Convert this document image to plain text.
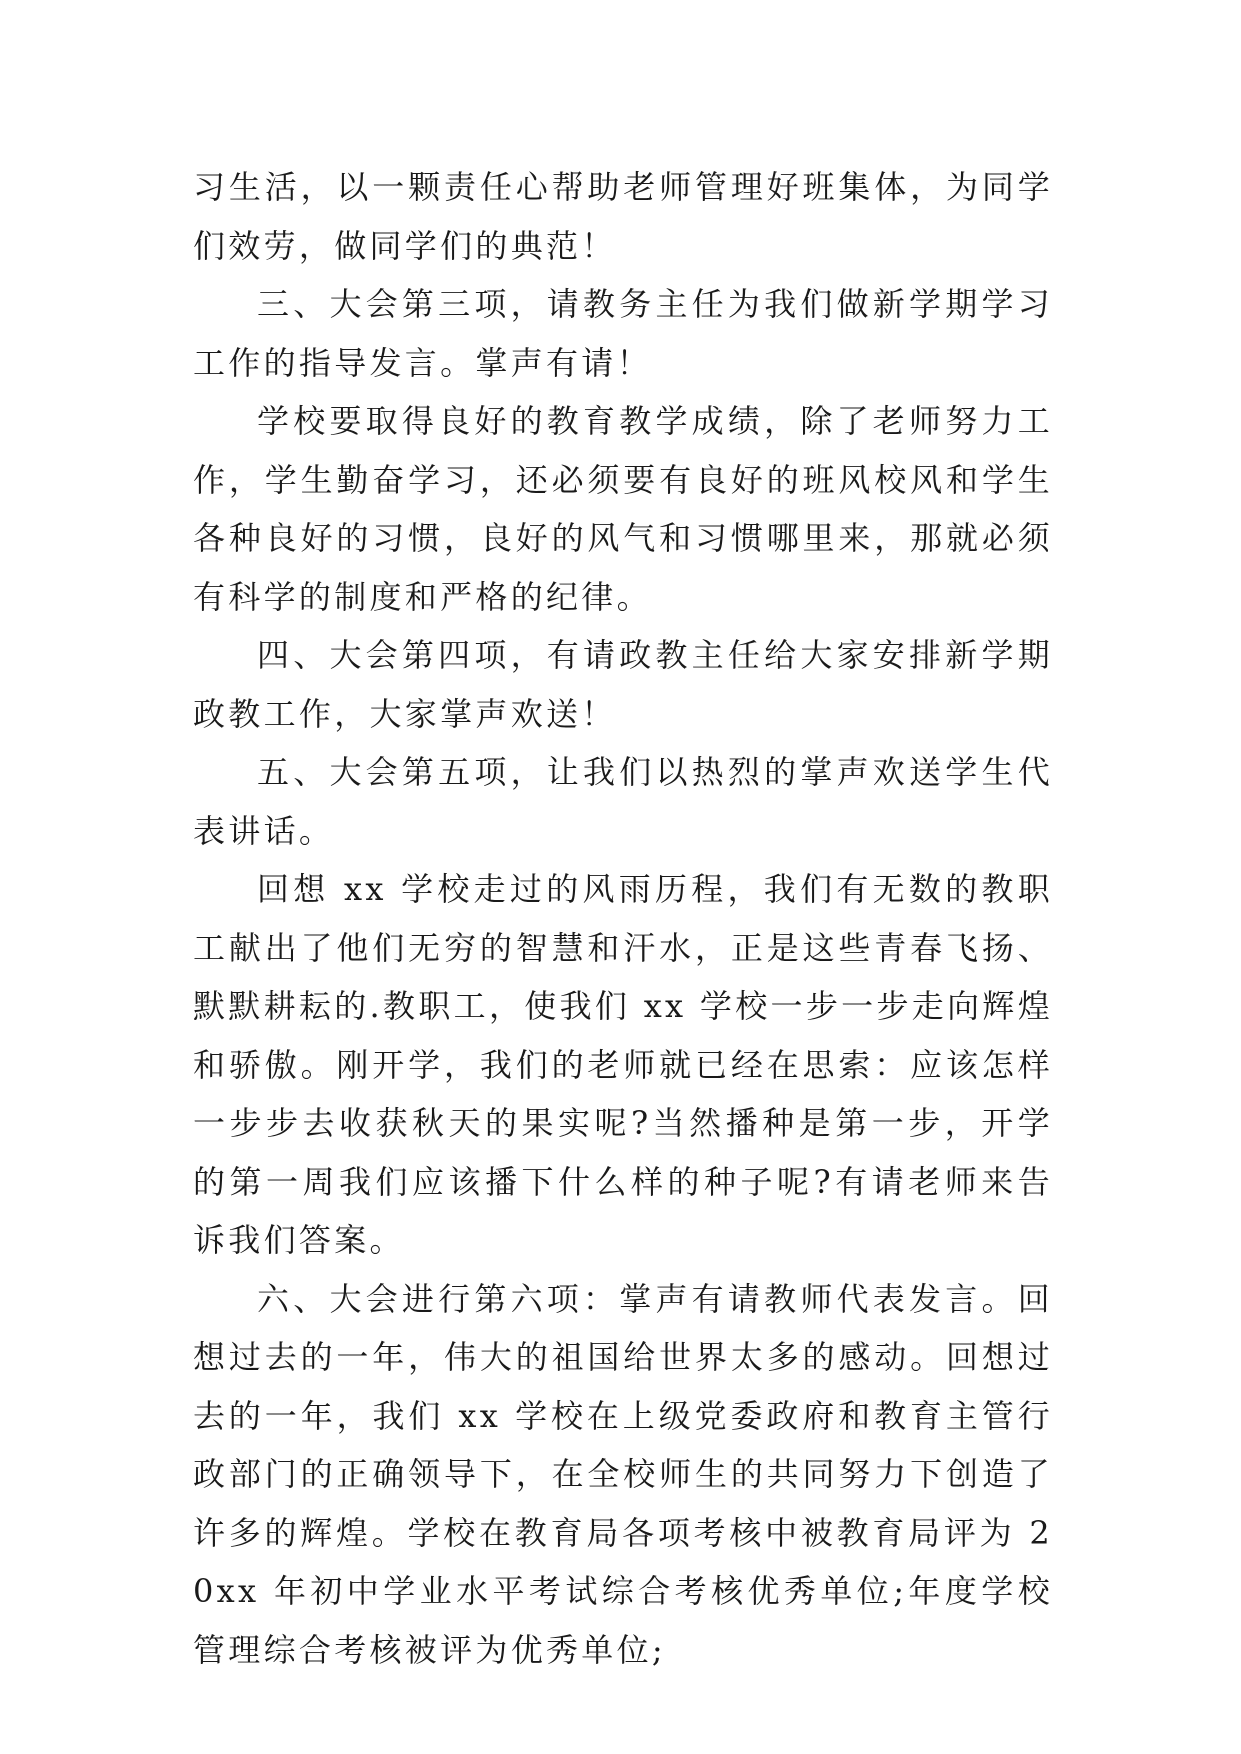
习生活，以一颗责任心帮助老师管理好班集体，为同学们效劳，做同学们的典范！

三、大会第三项，请教务主任为我们做新学期学习工作的指导发言。掌声有请！

学校要取得良好的教育教学成绩，除了老师努力工作，学生勤奋学习，还必须要有良好的班风校风和学生各种良好的习惯，良好的风气和习惯哪里来，那就必须有科学的制度和严格的纪律。

四、大会第四项，有请政教主任给大家安排新学期政教工作，大家掌声欢送！

五、大会第五项，让我们以热烈的掌声欢送学生代表讲话。

回想 xx 学校走过的风雨历程，我们有无数的教职工献出了他们无穷的智慧和汗水，正是这些青春飞扬、默默耕耘的.教职工，使我们 xx 学校一步一步走向辉煌和骄傲。刚开学，我们的老师就已经在思索：应该怎样一步步去收获秋天的果实呢?当然播种是第一步，开学的第一周我们应该播下什么样的种子呢?有请老师来告诉我们答案。

六、大会进行第六项：掌声有请教师代表发言。回想过去的一年，伟大的祖国给世界太多的感动。回想过去的一年，我们 xx 学校在上级党委政府和教育主管行政部门的正确领导下，在全校师生的共同努力下创造了许多的辉煌。学校在教育局各项考核中被教育局评为 20xx 年初中学业水平考试综合考核优秀单位;年度学校管理综合考核被评为优秀单位;
